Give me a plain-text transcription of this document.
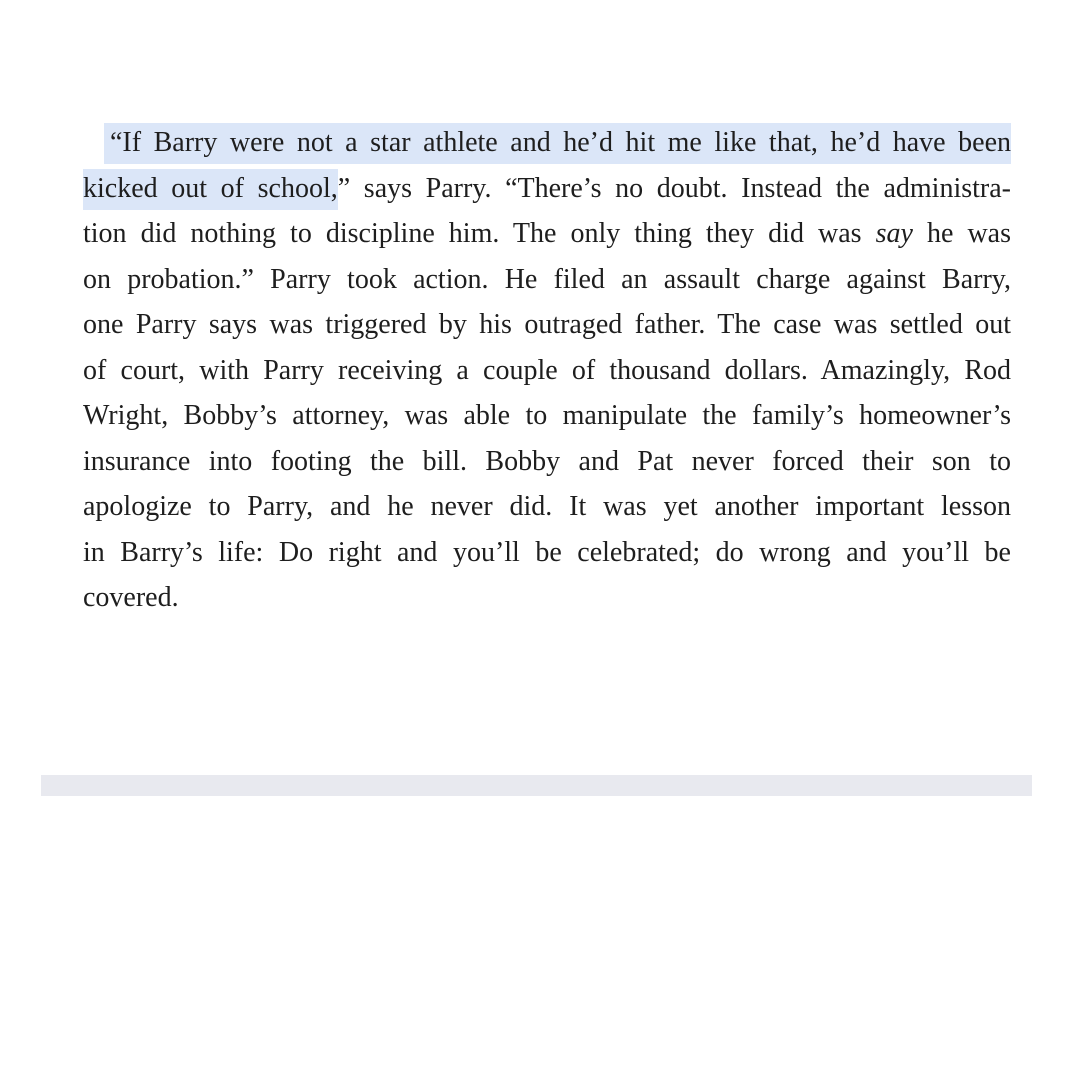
“If Barry were not a star athlete and he’d hit me like that, he’d have been
kicked out of school,” says Parry. “There’s no doubt. Instead the administra-
tion did nothing to discipline him. The only thing they did was say he was
on probation.” Parry took action. He filed an assault charge against Barry,
one Parry says was triggered by his outraged father. The case was settled out
of court, with Parry receiving a couple of thousand dollars. Amazingly, Rod
Wright, Bobby’s attorney, was able to manipulate the family’s homeowner’s
insurance into footing the bill. Bobby and Pat never forced their son to
apologize to Parry, and he never did. It was yet another important lesson
in Barry’s life: Do right and you’ll be celebrated; do wrong and you’ll be
covered.
